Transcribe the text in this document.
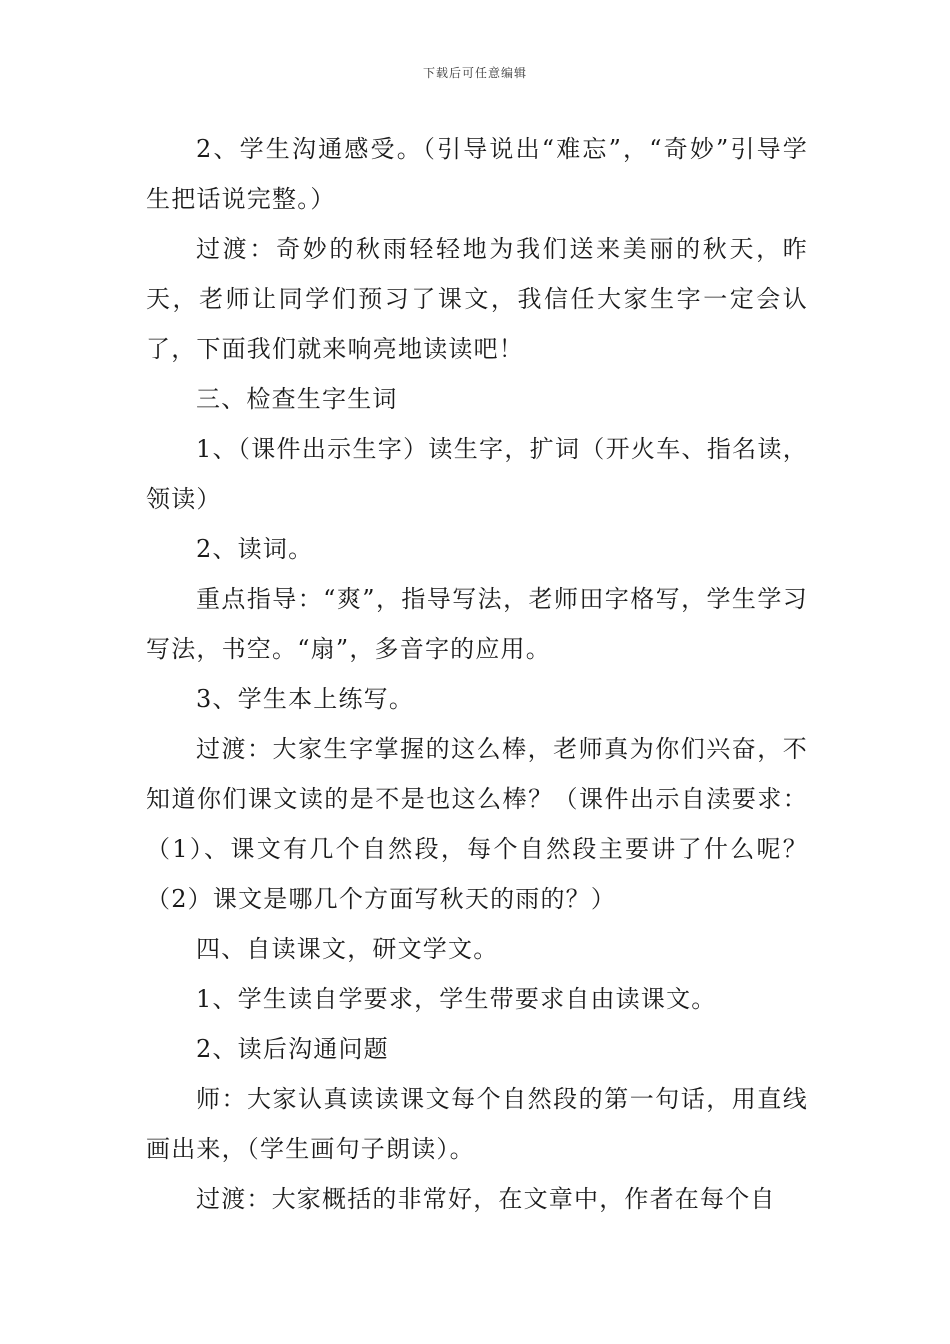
下载后可任意编辑

2、学生沟通感受。（引导说出“难忘”，“奇妙”引导学生把话说完整。）

过渡：奇妙的秋雨轻轻地为我们送来美丽的秋天，昨天，老师让同学们预习了课文，我信任大家生字一定会认了，下面我们就来响亮地读读吧！

三、检查生字生词

1、（课件出示生字）读生字，扩词（开火车、指名读，领读）

2、读词。

重点指导：“爽”，指导写法，老师田字格写，学生学习写法，书空。“扇”，多音字的应用。

3、学生本上练写。

过渡：大家生字掌握的这么棒，老师真为你们兴奋，不知道你们课文读的是不是也这么棒？（课件出示自渎要求：（1）、课文有几个自然段，每个自然段主要讲了什么呢？（2）课文是哪几个方面写秋天的雨的？）

四、自读课文，研文学文。

1、学生读自学要求，学生带要求自由读课文。

2、读后沟通问题

师：大家认真读读课文每个自然段的第一句话，用直线画出来，（学生画句子朗读）。

过渡：大家概括的非常好，在文章中，作者在每个自
